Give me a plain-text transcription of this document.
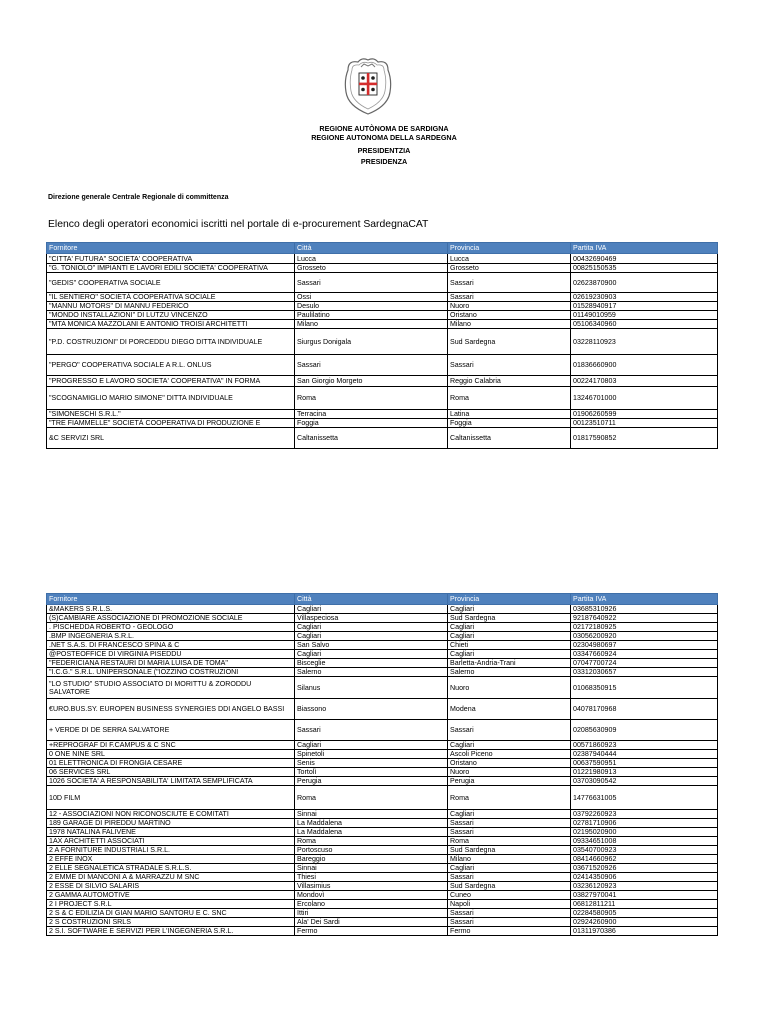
REGIONE AUTÒNOMA DE SARDIGNA
REGIONE AUTONOMA DELLA SARDEGNA
PRESIDENTZIA
PRESIDENZA
Direzione generale Centrale Regionale di committenza
Elenco degli operatori economici iscritti nel portale di e-procurement SardegnaCAT
Fornitore	Città	Provincia	Partita IVA
"CITTA' FUTURA" SOCIETA' COOPERATIVA	Lucca	Lucca	00432690469
"G. TONIOLO" IMPIANTI E LAVORI EDILI SOCIETA' COOPERATIVA	Grosseto	Grosseto	00825150535
"GEDIS" COOPERATIVA SOCIALE	Sassari	Sassari	02623870900
"IL SENTIERO" SOCIETÀ COOPERATIVA SOCIALE	Ossi	Sassari	02619230903
"MANNU MOTORS" DI MANNU FEDERICO	Desulo	Nuoro	01528940917
"MONDO INSTALLAZIONI" DI LUTZU VINCENZO	Paulilatino	Oristano	01149010959
"MTA MONICA MAZZOLANI E ANTONIO TROISI ARCHITETTI	Milano	Milano	05106340960
"P.D. COSTRUZIONI" DI PORCEDDU DIEGO DITTA INDIVIDUALE	Siurgus Donigala	Sud Sardegna	03228110923
"PERGO" COOPERATIVA SOCIALE A R.L. ONLUS	Sassari	Sassari	01836660900
"PROGRESSO E LAVORO SOCIETA' COOPERATIVA" IN FORMA	San Giorgio Morgeto	Reggio Calabria	00224170803
"SCOGNAMIGLIO MARIO SIMONE" DITTA INDIVIDUALE	Roma	Roma	13246701000
"SIMONESCHI S.R.L."	Terracina	Latina	01906260599
"TRE FIAMMELLE" SOCIETÀ COOPERATIVA DI PRODUZIONE E	Foggia	Foggia	00123510711
&C SERVIZI SRL	Caltanissetta	Caltanissetta	01817590852
Fornitore	Città	Provincia	Partita IVA
&MAKERS S.R.L.S.	Cagliari	Cagliari	03685310926
(S)CAMBIARE ASSOCIAZIONE DI PROMOZIONE SOCIALE	Villaspeciosa	Sud Sardegna	92187640922
. PISCHEDDA ROBERTO - GEOLOGO	Cagliari	Cagliari	02172180925
.BMP INGEGNERIA S.R.L.	Cagliari	Cagliari	03056200920
.NET S.A.S. DI FRANCESCO SPINA & C	San Salvo	Chieti	02304980697
@POSTEOFFICE DI VIRGINIA PISEDDU	Cagliari	Cagliari	03347660924
"FEDERICIANA RESTAURI DI MARIA LUISA DE TOMA"	Bisceglie	Barletta-Andria-Trani	07047700724
"I.C.G." S.R.L. UNIPERSONALE ("IOZZINO COSTRUZIONI	Salerno	Salerno	03312030657
"LO STUDIO" STUDIO ASSOCIATO DI MORITTU & ZORODDU SALVATORE	Silanus	Nuoro	01068350915
€URO.BUS.SY. EUROPEN BUSINESS SYNERGIES DDI ANGELO BASSI	Biassono	Modena	04078170968
+ VERDE DI DE SERRA SALVATORE	Sassari	Sassari	02085630909
+REPROGRAF DI F.CAMPUS & C SNC	Cagliari	Cagliari	00571860923
0 ONE NINE SRL	Spinetoli	Ascoli Piceno	02387940444
01 ELETTRONICA DI FRONGIA CESARE	Senis	Oristano	00637590951
06 SERVICES SRL	Tortolì	Nuoro	01221980913
1026 SOCIETA' A RESPONSABILITA' LIMITATA SEMPLIFICATA	Perugia	Perugia	03703090542
10D FILM	Roma	Roma	14776631005
12 - ASSOCIAZIONI NON RICONOSCIUTE E COMITATI	Sinnai	Cagliari	03792260923
189 GARAGE DI PIREDDU MARTINO	La Maddalena	Sassari	02781710906
1978 NATALINA FALIVENE	La Maddalena	Sassari	02195020900
1AX ARCHITETTI ASSOCIATI	Roma	Roma	09334651008
2 A FORNITURE INDUSTRIALI S.R.L.	Portoscuso	Sud Sardegna	03540700923
2 EFFE INOX	Bareggio	Milano	08414660962
2 ELLE SEGNALETICA STRADALE S.R.L.S.	Sinnai	Cagliari	03671520926
2 EMME DI MANCONI A & MARRAZZU M SNC	Thiesi	Sassari	02414350906
2 ESSE DI SILVIO SALARIS	Villasimius	Sud Sardegna	03236120923
2 GAMMA AUTOMOTIVE	Mondovì	Cuneo	03827970041
2 I PROJECT S.R.L	Ercolano	Napoli	06812811211
2 S & C EDILIZIA DI GIAN MARIO SANTORU E C. SNC	Ittiri	Sassari	02284580905
2 S COSTRUZIONI SRLS	Ala' Dei Sardi	Sassari	02924260900
2 S.I. SOFTWARE E SERVIZI PER L'INGEGNERIA S.R.L.	Fermo	Fermo	01311970386
